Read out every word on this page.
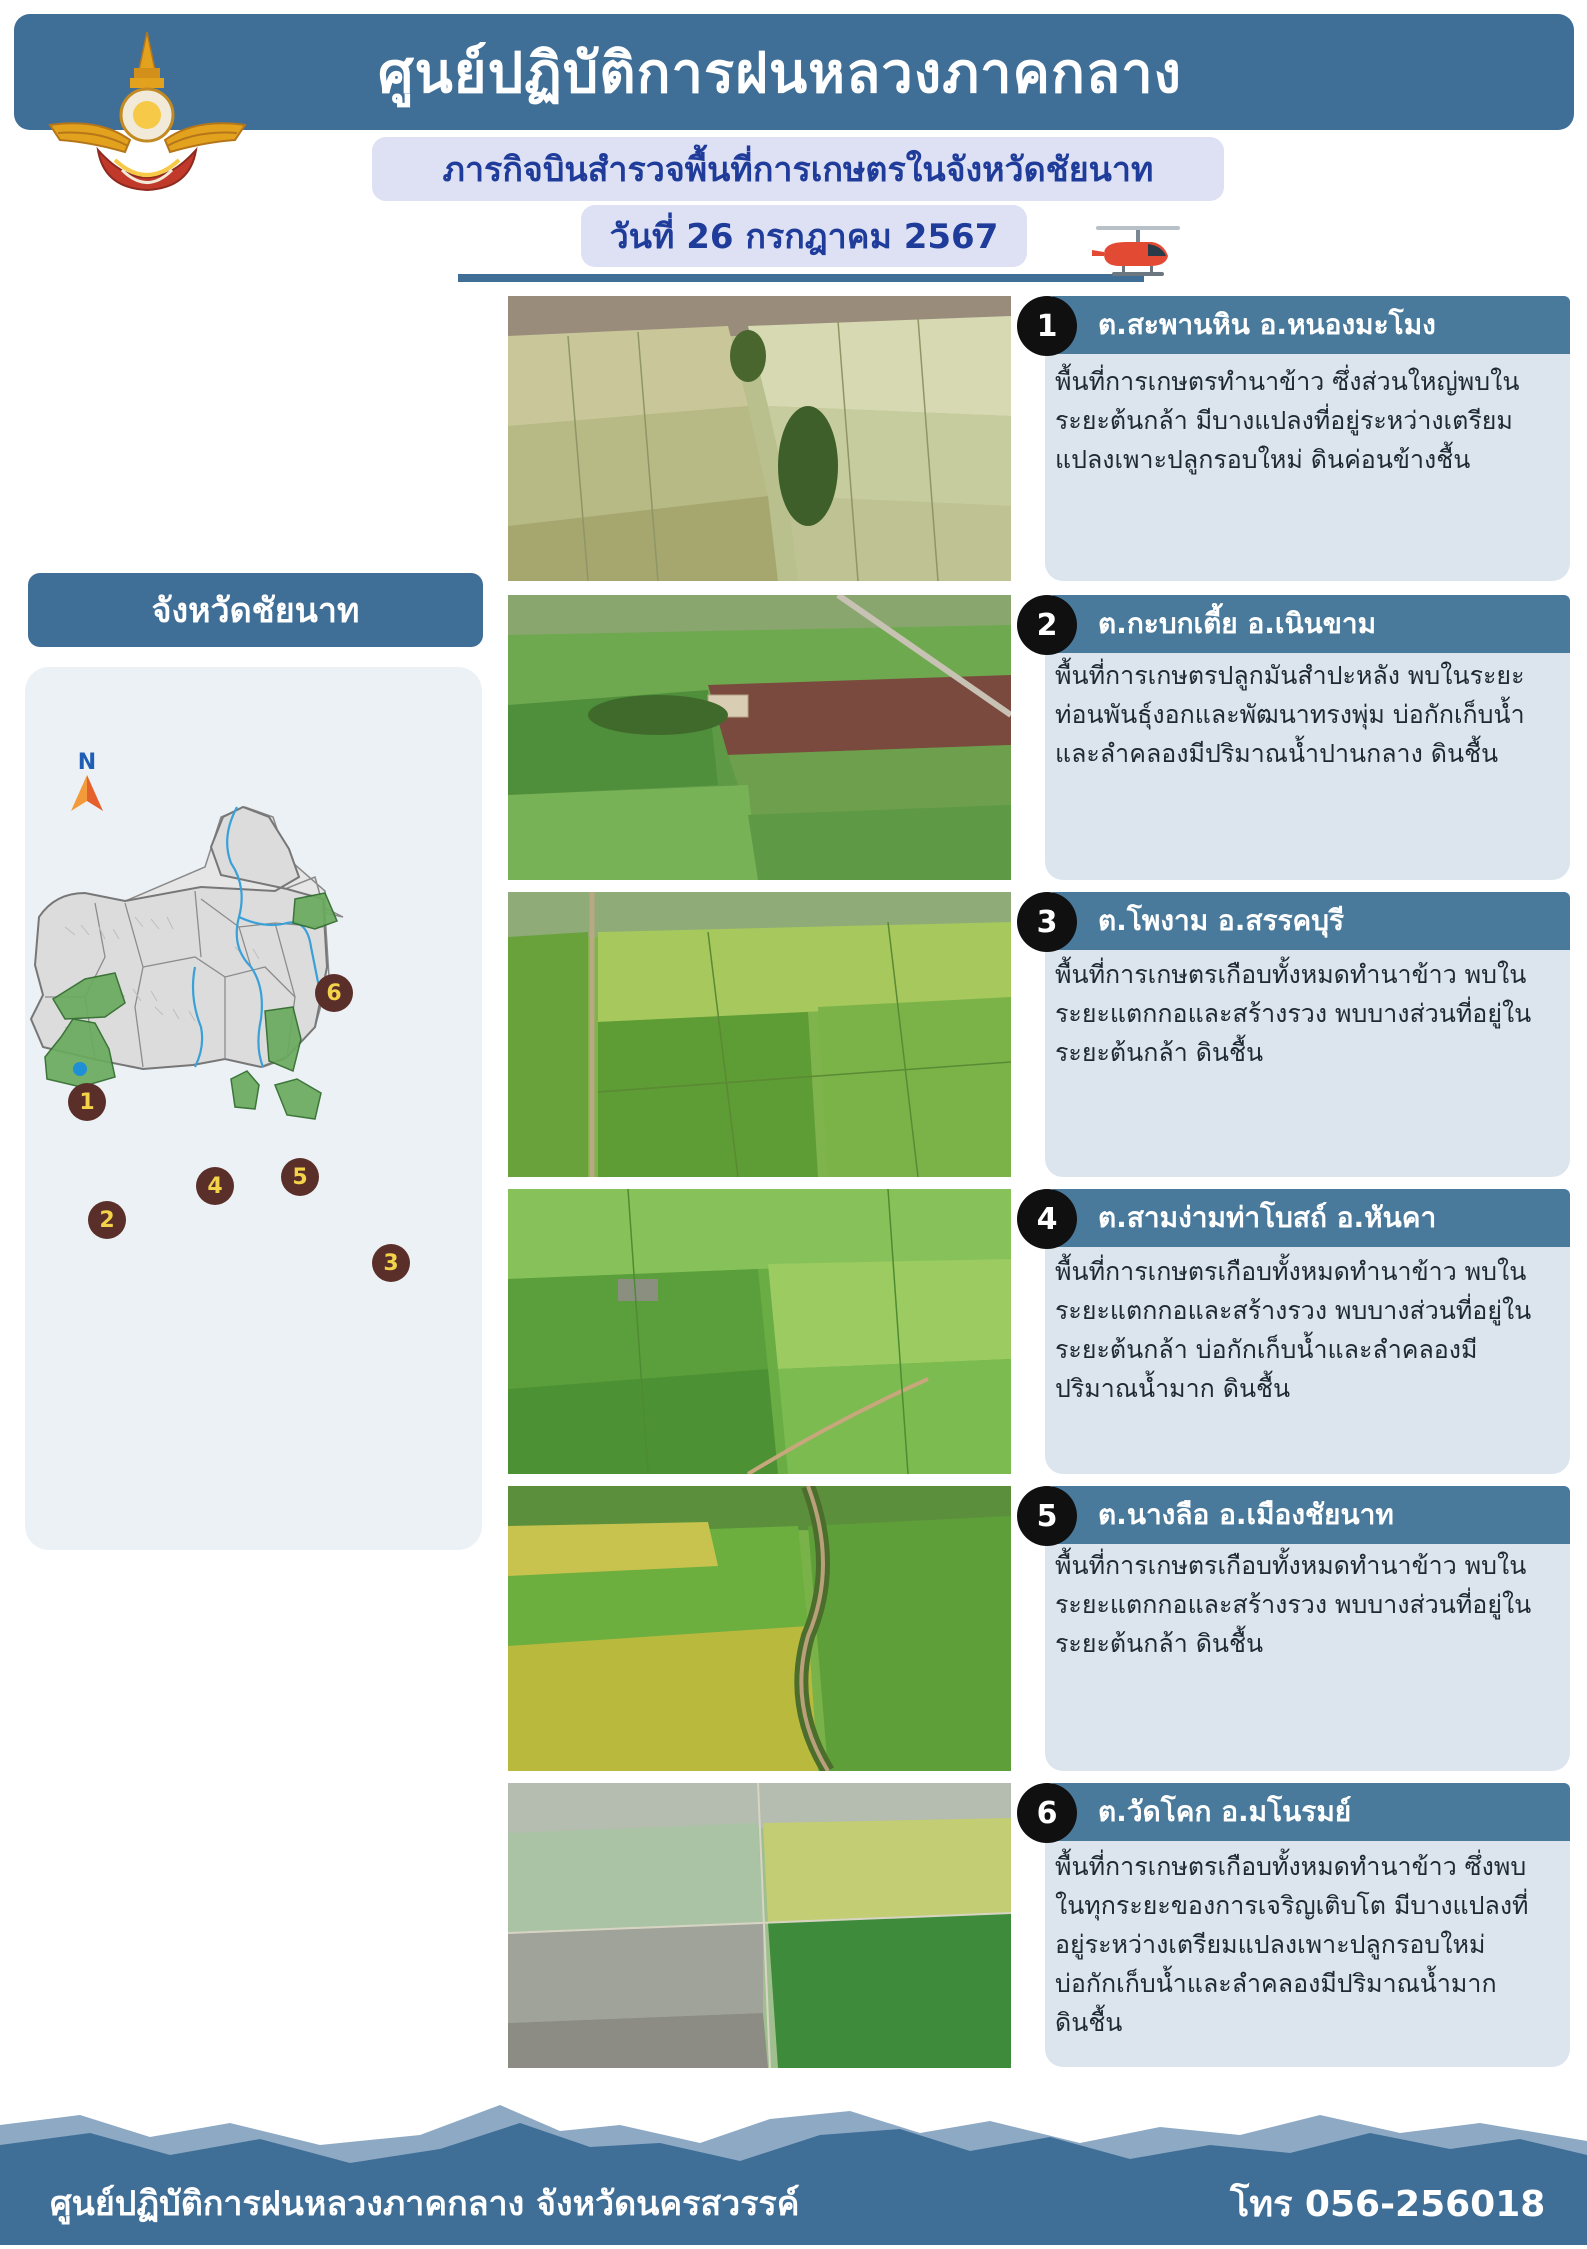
ศูนย์ปฏิบัติการฝนหลวงภาคกลาง
ภารกิจบินสำรวจพื้นที่การเกษตรในจังหวัดชัยนาท
วันที่ 26 กรกฎาคม 2567
จังหวัดชัยนาท
N
1
2
3
4	5
6
ต.สะพานหิน อ.หนองมะโมง
1
พื้นที่การเกษตรทำนาข้าว ซึ่งส่วนใหญ่พบใน
ระยะต้นกล้า มีบางแปลงที่อยู่ระหว่างเตรียม
แปลงเพาะปลูกรอบใหม่ ดินค่อนข้างชื้น
ต.กะบกเตี้ย อ.เนินขาม
2
พื้นที่การเกษตรปลูกมันสำปะหลัง พบในระยะ
ท่อนพันธุ์งอกและพัฒนาทรงพุ่ม บ่อกักเก็บน้ำ
และลำคลองมีปริมาณน้ำปานกลาง ดินชื้น
ต.โพงาม อ.สรรคบุรี
3
พื้นที่การเกษตรเกือบทั้งหมดทำนาข้าว พบใน
ระยะแตกกอและสร้างรวง พบบางส่วนที่อยู่ใน
ระยะต้นกล้า ดินชื้น
ต.สามง่ามท่าโบสถ์ อ.หันคา
4
พื้นที่การเกษตรเกือบทั้งหมดทำนาข้าว พบใน
ระยะแตกกอและสร้างรวง พบบางส่วนที่อยู่ใน
ระยะต้นกล้า บ่อกักเก็บน้ำและลำคลองมี
ปริมาณน้ำมาก ดินชื้น
ต.นางลือ อ.เมืองชัยนาท
5
พื้นที่การเกษตรเกือบทั้งหมดทำนาข้าว พบใน
ระยะแตกกอและสร้างรวง พบบางส่วนที่อยู่ใน
ระยะต้นกล้า ดินชื้น
ต.วัดโคก อ.มโนรมย์
6
พื้นที่การเกษตรเกือบทั้งหมดทำนาข้าว ซึ่งพบ
ในทุกระยะของการเจริญเติบโต มีบางแปลงที่
อยู่ระหว่างเตรียมแปลงเพาะปลูกรอบใหม่
บ่อกักเก็บน้ำและลำคลองมีปริมาณน้ำมาก
ดินชื้น
ศูนย์ปฏิบัติการฝนหลวงภาคกลาง จังหวัดนครสวรรค์	โทร 056-256018
